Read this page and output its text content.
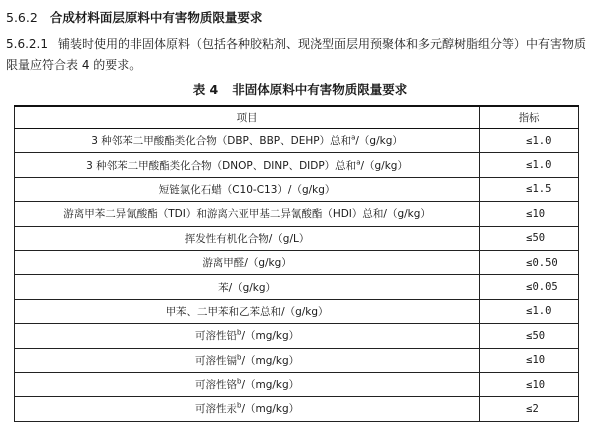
5.6.2 合成材料面层原料中有害物质限量要求
5.6.2.1 铺装时使用的非固体原料（包括各种胶粘剂、现浇型面层用预聚体和多元醇树脂组分等）中有害物质限量应符合表 4 的要求。
表 4 非固体原料中有害物质限量要求
项目	指标
3 种邻苯二甲酸酯类化合物（DBP、BBP、DEHP）总和$^a$/（g/kg）	≤1.0
3 种邻苯二甲酸酯类化合物（DNOP、DINP、DIDP）总和$^a$/（g/kg）	≤1.0
短链氯化石蜡（C10-C13）/（g/kg）	≤1.5
游离甲苯二异氰酸酯（TDI）和游离六亚甲基二异氰酸酯（HDI）总和/（g/kg）	≤10
挥发性有机化合物/（g/L）	≤50
游离甲醛/（g/kg）	≤0.50
苯/（g/kg）	≤0.05
甲苯、二甲苯和乙苯总和/（g/kg）	≤1.0
可溶性铅$^b$/（mg/kg）	≤50
可溶性镉$^b$/（mg/kg）	≤10
可溶性铬$^b$/（mg/kg）	≤10
可溶性汞$^b$/（mg/kg）	≤2
